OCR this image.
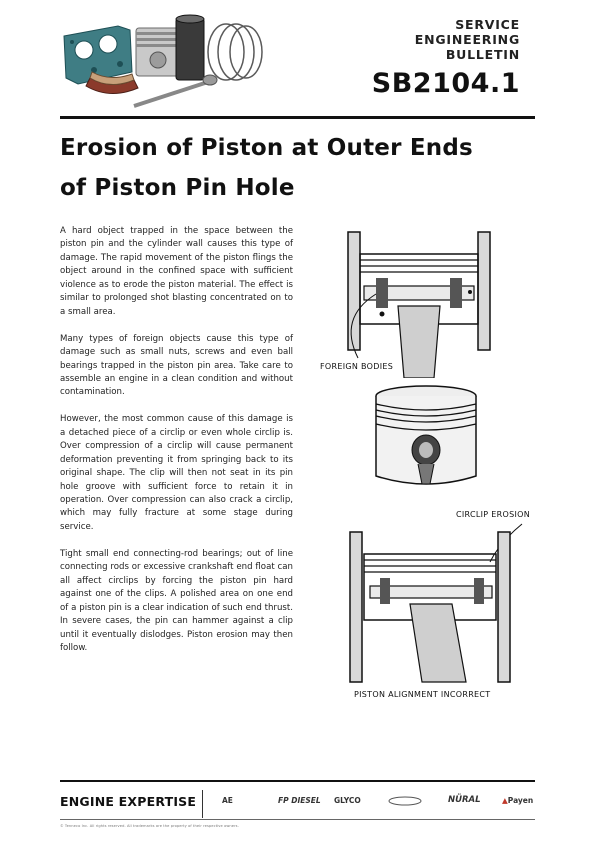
SERVICE
ENGINEERING
BULLETIN
SB2104.1
Erosion of Piston at Outer Ends
of Piston Pin Hole

A hard object trapped in the space between the piston pin and the cylinder wall causes this type of damage. The rapid movement of the piston flings the object around in the confined space with sufficient violence as to erode the piston material. The effect is similar to prolonged shot blasting concentrated on to a small area.

Many types of foreign objects cause this type of damage such as small nuts, screws and even ball bearings trapped in the piston pin area. Take care to assemble an engine in a clean condition and without contamination.

However, the most common cause of this damage is a detached piece of a circlip or even whole circlip is. Over compression of a circlip will cause permanent deformation preventing it from springing back to its original shape. The clip will then not seat in its pin hole groove with sufficient force to retain it in operation. Over compression can also crack a circlip, which may fully fracture at some stage during service.

Tight small end connecting-rod bearings; out of line connecting rods or excessive crankshaft end float can all affect circlips by forcing the piston pin hard against one of the clips. A polished area on one end of a piston pin is a clear indication of such end thrust. In severe cases, the pin can hammer against a clip until it eventually dislodges. Piston erosion may then follow.

FOREIGN BODIES
CIRCLIP EROSION
PISTON ALIGNMENT INCORRECT
ENGINE EXPERTISE	AE	FP DIESEL GLYCO	NÜRAL	▲Payen
© Tenneco Inc. All rights reserved. All trademarks are the property of their respective owners.
